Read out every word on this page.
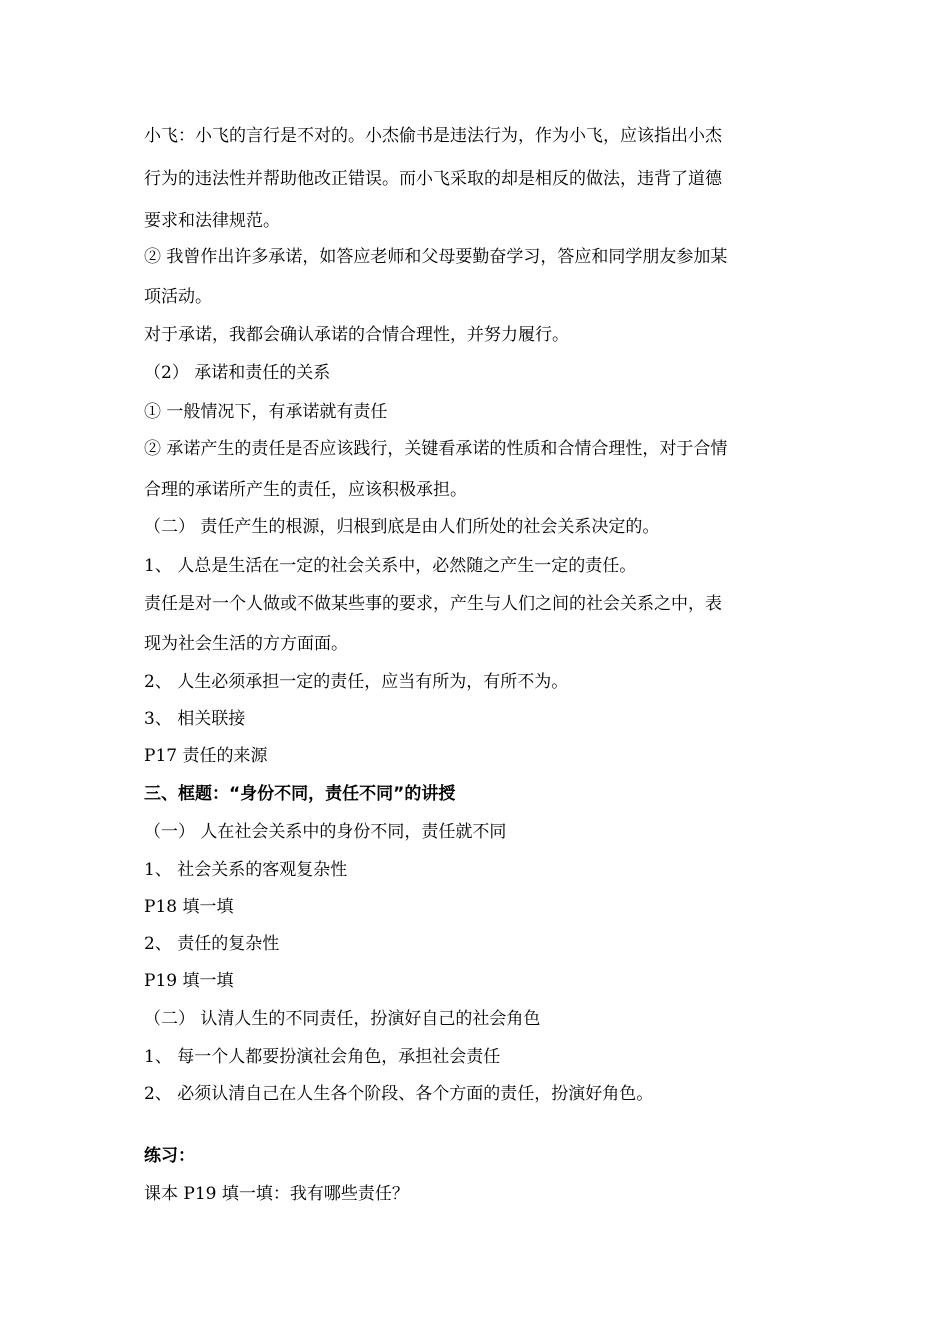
小飞：小飞的言行是不对的。小杰偷书是违法行为，作为小飞，应该指出小杰
行为的违法性并帮助他改正错误。而小飞采取的却是相反的做法，违背了道德
要求和法律规范。
② 我曾作出许多承诺，如答应老师和父母要勤奋学习，答应和同学朋友参加某
项活动。
对于承诺，我都会确认承诺的合情合理性，并努力履行。
（2） 承诺和责任的关系
① 一般情况下，有承诺就有责任
② 承诺产生的责任是否应该践行，关键看承诺的性质和合情合理性，对于合情
合理的承诺所产生的责任，应该积极承担。
（二） 责任产生的根源，归根到底是由人们所处的社会关系决定的。
1、 人总是生活在一定的社会关系中，必然随之产生一定的责任。
责任是对一个人做或不做某些事的要求，产生与人们之间的社会关系之中，表
现为社会生活的方方面面。
2、 人生必须承担一定的责任，应当有所为，有所不为。
3、 相关联接
P17 责任的来源
三、框题：“身份不同，责任不同”的讲授
（一） 人在社会关系中的身份不同，责任就不同
1、 社会关系的客观复杂性
P18 填一填
2、 责任的复杂性
P19 填一填
（二） 认清人生的不同责任，扮演好自己的社会角色
1、 每一个人都要扮演社会角色，承担社会责任
2、 必须认清自己在人生各个阶段、各个方面的责任，扮演好角色。
练习：
课本 P19 填一填：我有哪些责任？
